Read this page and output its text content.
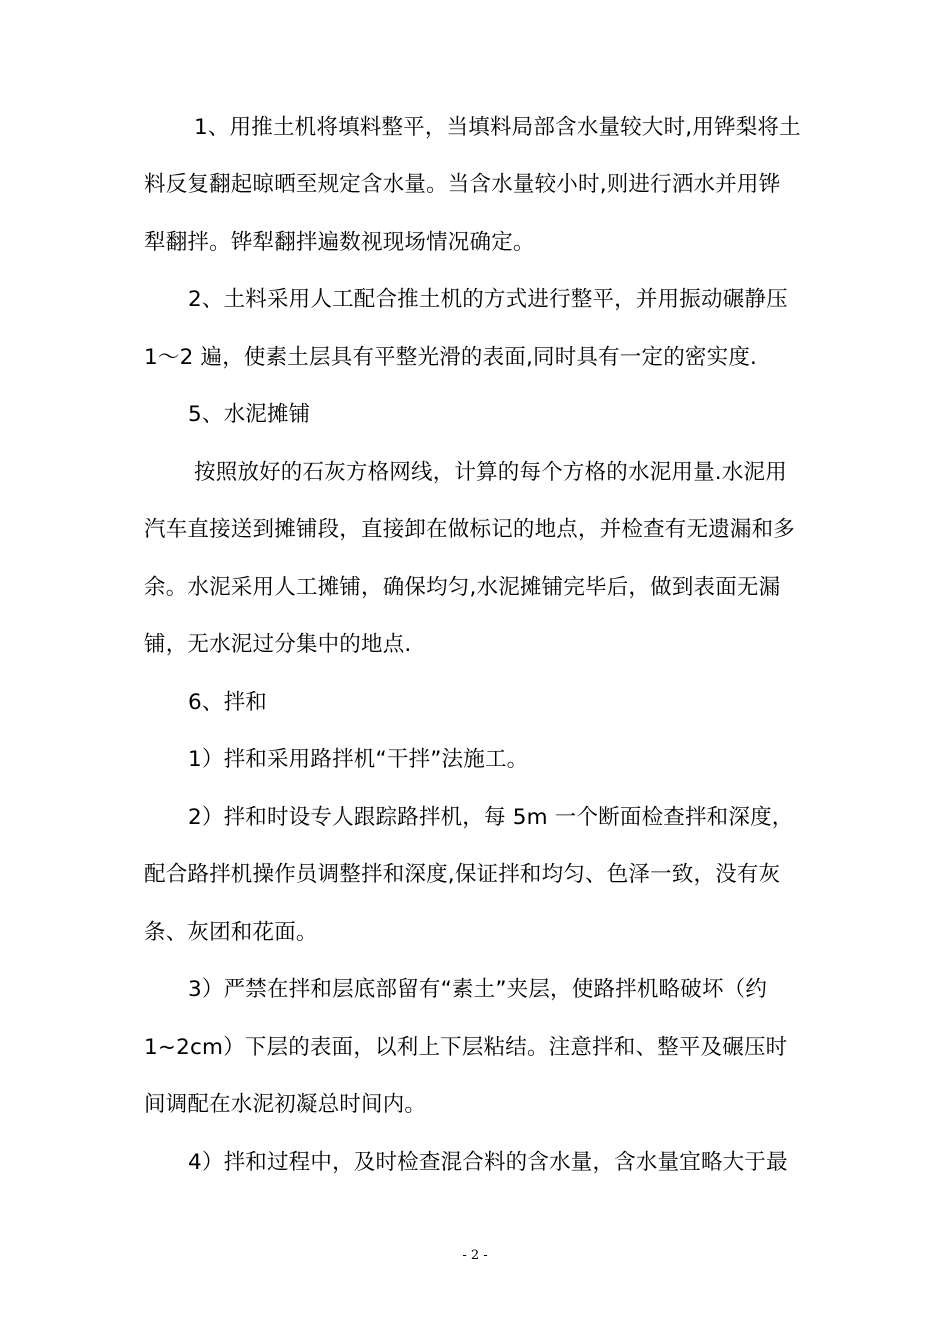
1、用推土机将填料整平，当填料局部含水量较大时,用铧梨将土
料反复翻起晾晒至规定含水量。当含水量较小时,则进行洒水并用铧
犁翻拌。铧犁翻拌遍数视现场情况确定。
2、土料采用人工配合推土机的方式进行整平，并用振动碾静压
1～2 遍，使素土层具有平整光滑的表面,同时具有一定的密实度.
5、水泥摊铺
按照放好的石灰方格网线，计算的每个方格的水泥用量.水泥用
汽车直接送到摊铺段，直接卸在做标记的地点，并检查有无遗漏和多
余。水泥采用人工摊铺，确保均匀,水泥摊铺完毕后，做到表面无漏
铺，无水泥过分集中的地点.
6、拌和
1）拌和采用路拌机“干拌”法施工。
2）拌和时设专人跟踪路拌机，每 5m 一个断面检查拌和深度，
配合路拌机操作员调整拌和深度,保证拌和均匀、色泽一致，没有灰
条、灰团和花面。
3）严禁在拌和层底部留有“素土”夹层，使路拌机略破坏（约
1~2cm）下层的表面，以利上下层粘结。注意拌和、整平及碾压时
间调配在水泥初凝总时间内。
4）拌和过程中，及时检查混合料的含水量，含水量宜略大于最
- 2 -
